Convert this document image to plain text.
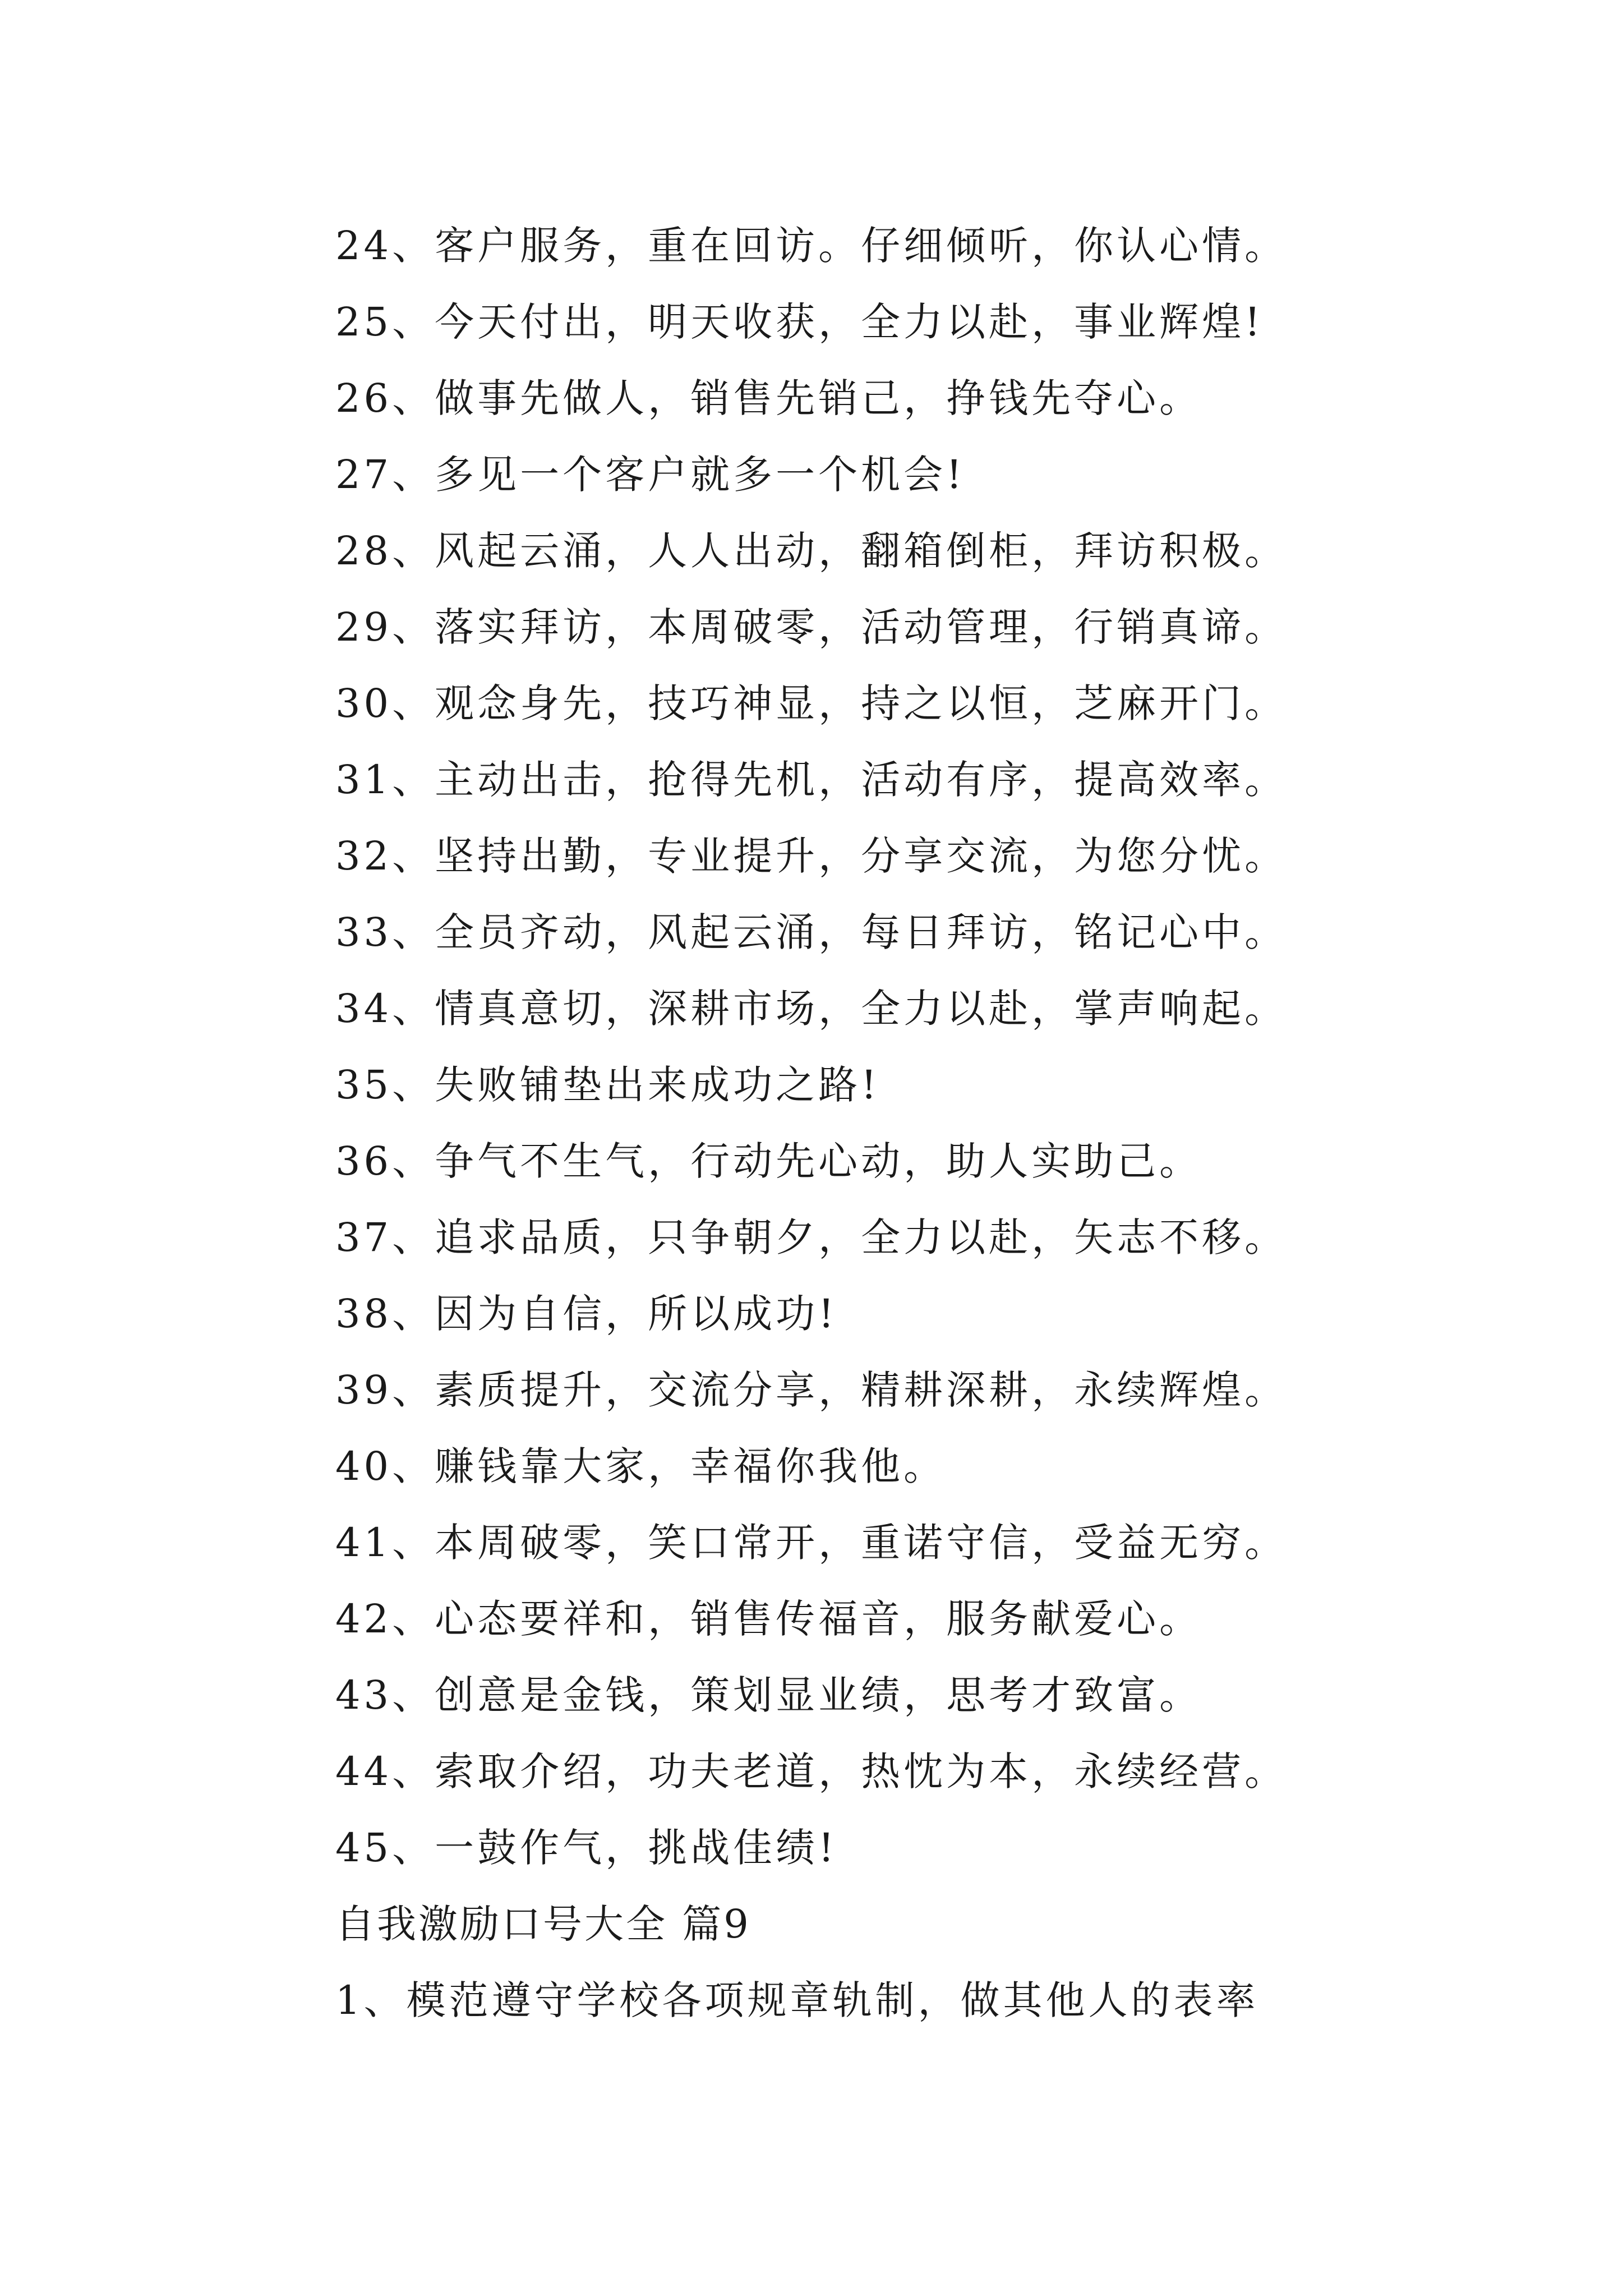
24、客户服务，重在回访。仔细倾听，你认心情。
25、今天付出，明天收获，全力以赴，事业辉煌!
26、做事先做人，销售先销己，挣钱先夺心。
27、多见一个客户就多一个机会!
28、风起云涌，人人出动，翻箱倒柜，拜访积极。
29、落实拜访，本周破零，活动管理，行销真谛。
30、观念身先，技巧神显，持之以恒，芝麻开门。
31、主动出击，抢得先机，活动有序，提高效率。
32、坚持出勤，专业提升，分享交流，为您分忧。
33、全员齐动，风起云涌，每日拜访，铭记心中。
34、情真意切，深耕市场，全力以赴，掌声响起。
35、失败铺垫出来成功之路!
36、争气不生气，行动先心动，助人实助己。
37、追求品质，只争朝夕，全力以赴，矢志不移。
38、因为自信，所以成功!
39、素质提升，交流分享，精耕深耕，永续辉煌。
40、赚钱靠大家，幸福你我他。
41、本周破零，笑口常开，重诺守信，受益无穷。
42、心态要祥和，销售传福音，服务献爱心。
43、创意是金钱，策划显业绩，思考才致富。
44、索取介绍，功夫老道，热忱为本，永续经营。
45、一鼓作气，挑战佳绩!
自我激励口号大全 篇9
1、模范遵守学校各项规章轨制，做其他人的表率
